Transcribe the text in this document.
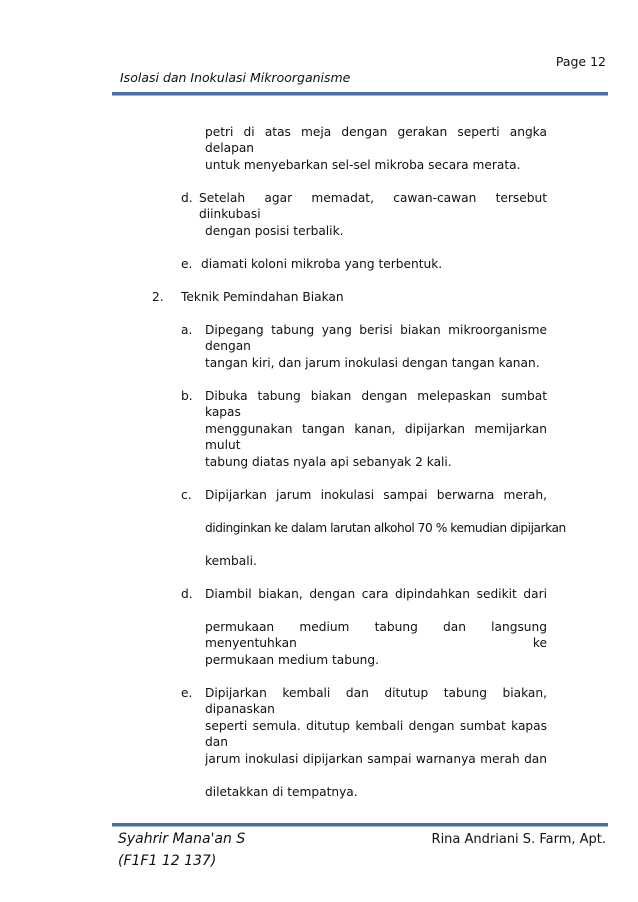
Page 12
Isolasi dan Inokulasi Mikroorganisme
petri di atas meja dengan gerakan seperti angka delapan
untuk menyebarkan sel-sel mikroba secara merata.
d. Setelah agar memadat, cawan-cawan tersebut diinkubasi
dengan posisi terbalik.
e. diamati koloni mikroba yang terbentuk.
2. Teknik Pemindahan Biakan
a. Dipegang tabung yang berisi biakan mikroorganisme dengan
tangan kiri, dan jarum inokulasi dengan tangan kanan.
b. Dibuka tabung biakan dengan melepaskan sumbat kapas
menggunakan tangan kanan, dipijarkan memijarkan mulut
tabung diatas nyala api sebanyak 2 kali.
c. Dipijarkan jarum inokulasi sampai berwarna merah,
didinginkan ke dalam larutan alkohol 70 % kemudian dipijarkan
kembali.
d. Diambil biakan, dengan cara dipindahkan sedikit dari
permukaan medium tabung dan langsung menyentuhkan ke
permukaan medium tabung.
e. Dipijarkan kembali dan ditutup tabung biakan, dipanaskan
seperti semula. ditutup kembali dengan sumbat kapas dan
jarum inokulasi dipijarkan sampai warnanya merah dan
diletakkan di tempatnya.
Syahrir Mana'an S
(F1F1 12 137)
Rina Andriani S. Farm, Apt.
